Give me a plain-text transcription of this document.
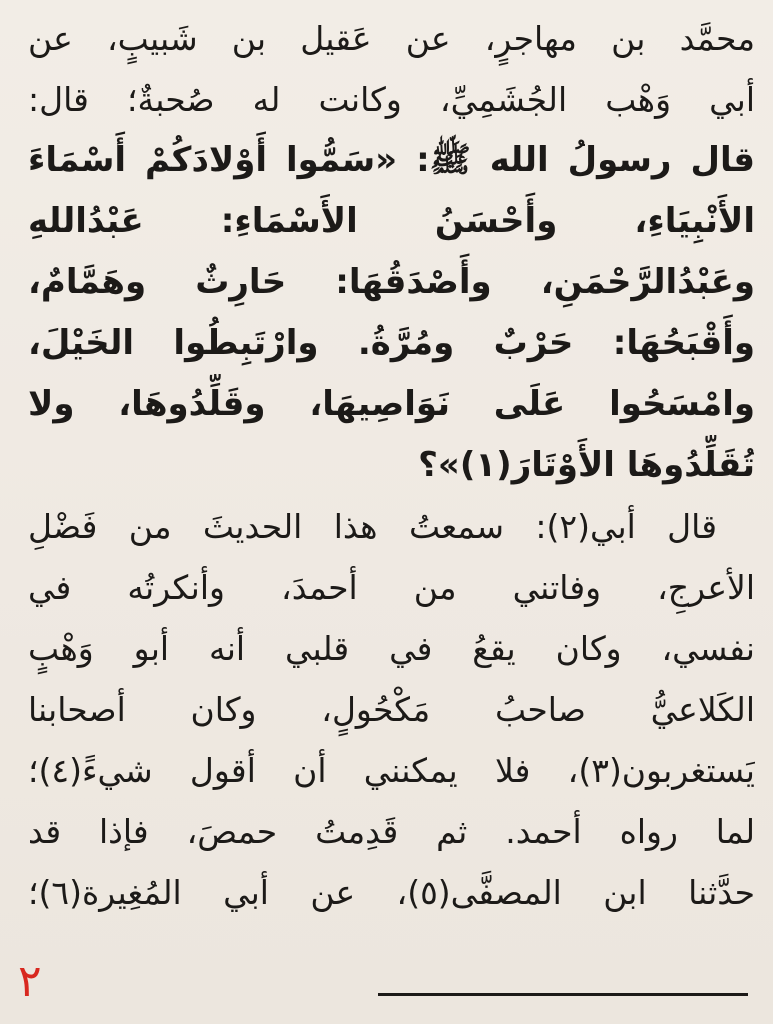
محمَّد بن مهاجرٍ، عن عَقيل بن شَبيبٍ، عن
أبي وَهْب الجُشَمِيِّ، وكانت له صُحبةٌ؛ قال:
قال رسولُ الله ﷺ: «سَمُّوا أَوْلادَكُمْ أَسْمَاءَ
الأَنْبِيَاءِ، وأَحْسَنُ الأَسْمَاءِ: عَبْدُاللهِ
وعَبْدُالرَّحْمَنِ، وأَصْدَقُهَا: حَارِثٌ وهَمَّامٌ،
وأَقْبَحُهَا: حَرْبٌ ومُرَّةُ. وارْتَبِطُوا الخَيْلَ،
وامْسَحُوا عَلَى نَوَاصِيهَا، وقَلِّدُوهَا، ولا
تُقَلِّدُوهَا الأَوْتَارَ(١)»؟
قال أبي(٢): سمعتُ هذا الحديثَ من فَضْلِ
الأعرجِ، وفاتني من أحمدَ، وأنكرتُه في
نفسي، وكان يقعُ في قلبي أنه أبو وَهْبٍ
الكَلاعيُّ صاحبُ مَكْحُولٍ، وكان أصحابنا
يَستغربون(٣)، فلا يمكنني أن أقول شيءً(٤)؛
لما رواه أحمد. ثم قَدِمتُ حمصَ، فإذا قد
حدَّثنا ابن المصفَّى(٥)، عن أبي المُغِيرة(٦)؛
٢
